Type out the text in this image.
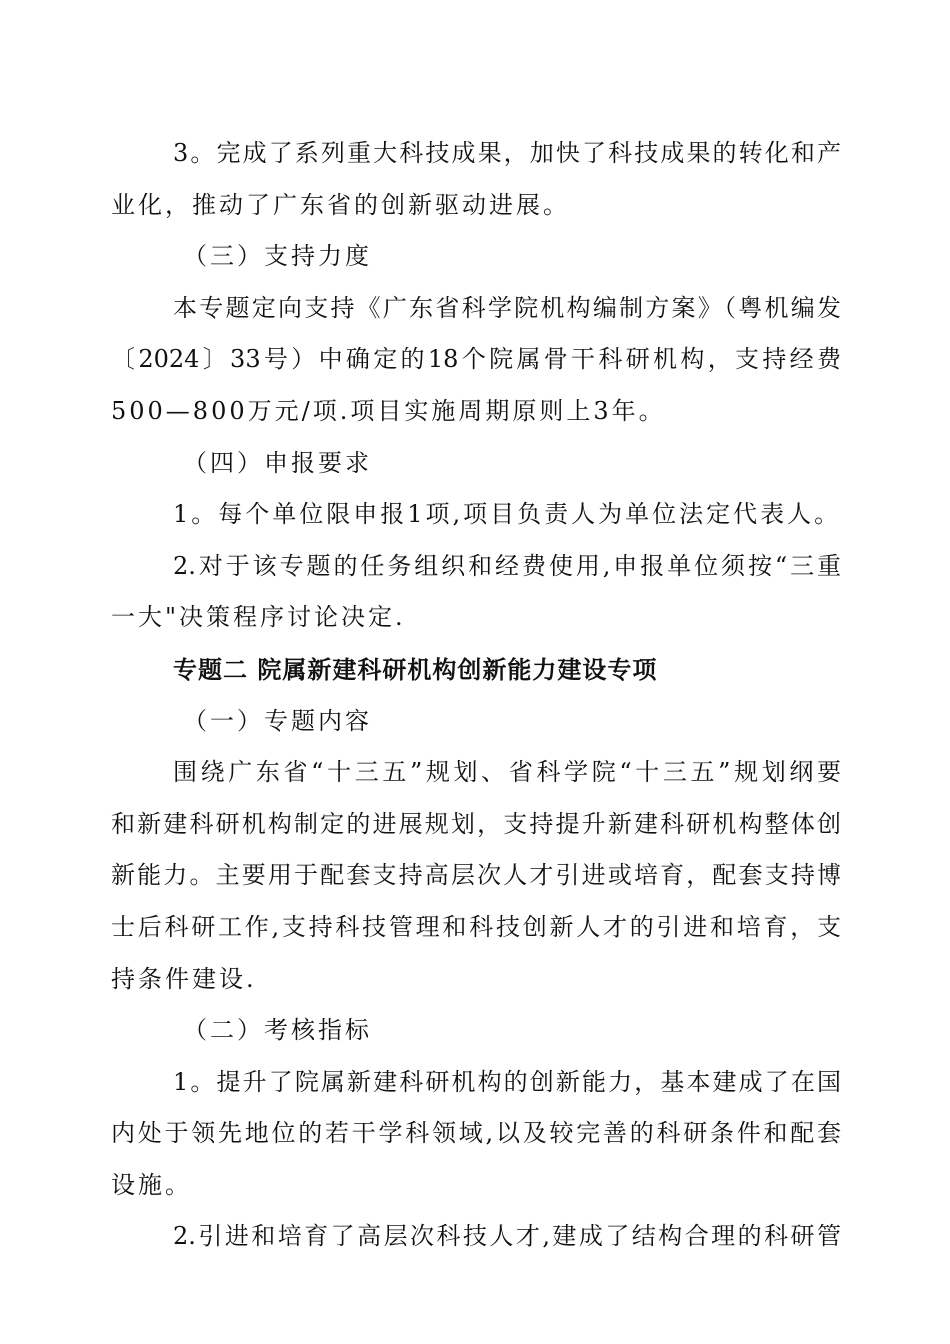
3。完成了系列重大科技成果，加快了科技成果的转化和产
业化，推动了广东省的创新驱动进展。
（三）支持力度
本专题定向支持《广东省科学院机构编制方案》（粤机编发
〔2024〕33号）中确定的18个院属骨干科研机构，支持经费
500—800万元/项.项目实施周期原则上3年。
（四）申报要求
1。每个单位限申报1项,项目负责人为单位法定代表人。
2.对于该专题的任务组织和经费使用,申报单位须按“三重
一大"决策程序讨论决定.
专题二 院属新建科研机构创新能力建设专项
（一）专题内容
围绕广东省“十三五”规划、省科学院“十三五”规划纲要
和新建科研机构制定的进展规划，支持提升新建科研机构整体创
新能力。主要用于配套支持高层次人才引进或培育，配套支持博
士后科研工作,支持科技管理和科技创新人才的引进和培育，支
持条件建设.
（二）考核指标
1。提升了院属新建科研机构的创新能力，基本建成了在国
内处于领先地位的若干学科领域,以及较完善的科研条件和配套
设施。
2.引进和培育了高层次科技人才,建成了结构合理的科研管
